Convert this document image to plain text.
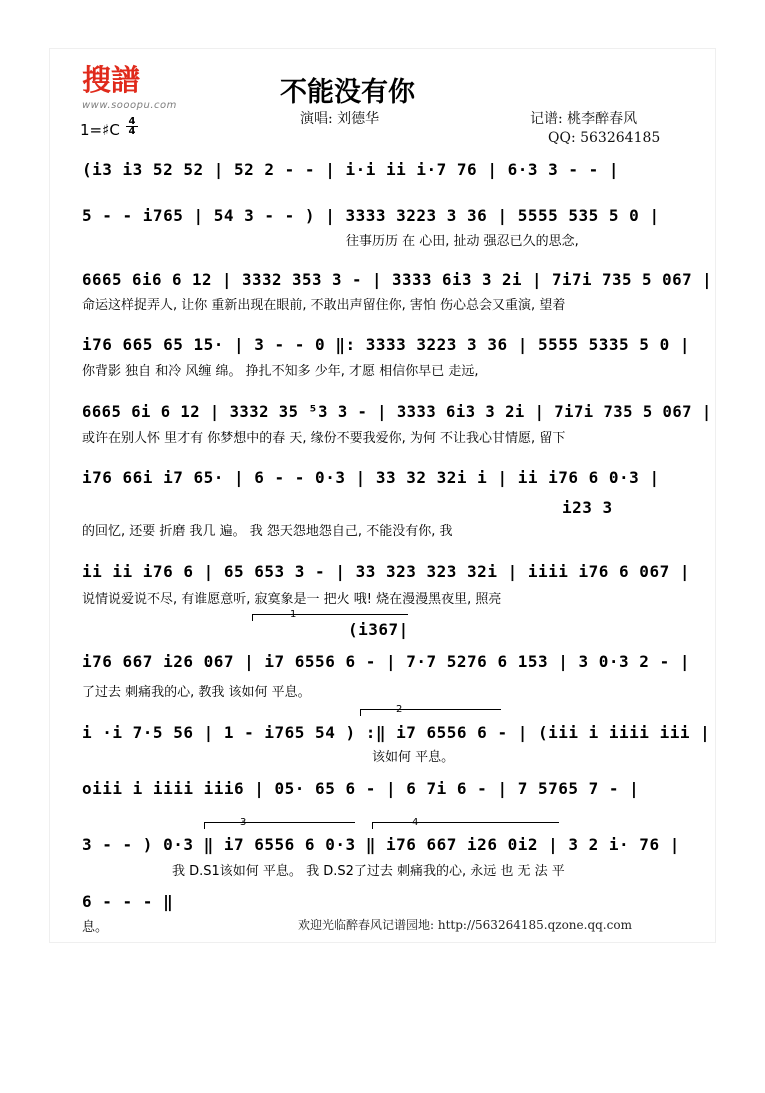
搜譜
www.sooopu.com	不能没有你
演唱: 刘德华	记谱: 桃李醉春风
QQ: 563264185
1=♯C 4
4
(i3 i3 52 52 | 52 2 - - | i·i ii i·7 76 | 6·3 3 - - |
5 - - i765 | 54 3 - - ) | 3333 3223 3 36 | 5555 535 5 0 |
往事历历 在 心田, 扯动 强忍已久的思念,
6665 6i6 6 12 | 3332 353 3 - | 3333 6i3 3 2i | 7i7i 735 5 067 |
命运这样捉弄人, 让你 重新出现在眼前, 不敢出声留住你, 害怕 伤心总会又重演, 望着
i76 665 65 15· | 3 - - 0 ‖: 3333 3223 3 36 | 5555 5335 5 0 |
你背影 独自 和冷 风缠 绵。 挣扎不知多 少年, 才愿 相信你早已 走远,
6665 6i 6 12 | 3332 35 ⁵3 3 - | 3333 6i3 3 2i | 7i7i 735 5 067 |
或许在别人怀 里才有 你梦想中的春 天, 缘份不要我爱你, 为何 不让我心甘情愿, 留下
i76 66i i7 65· | 6 - - 0·3 | 33 32 32i i | ii i76 6 0·3 |
i23 3
的回忆, 还要 折磨 我几 遍。 我 怨天怨地怨自己, 不能没有你, 我
ii ii i76 6 | 65 653 3 - | 33 323 323 32i | iiii i76 6 067 |
说情说爱说不尽, 有谁愿意听, 寂寞象是一 把火 哦! 烧在漫漫黑夜里, 照亮
1
(i367|
i76 667 i26 067 | i7 6556 6 - | 7·7 5276 6 153 | 3 0·3 2 - |
了过去 刺痛我的心, 教我 该如何 平息。
2
i ·i 7·5 56 | 1 - i765 54 ) :‖ i7 6556 6 - | (iii i iiii iii |
该如何 平息。
oiii i iiii iii6 | 05· 65 6 - | 6 7i 6 - | 7 5765 7 - |
3	4
3 - - ) 0·3 ‖ i7 6556 6 0·3 ‖ i76 667 i26 0i2 | 3 2 i· 76 |
我 D.S1该如何 平息。 我 D.S2了过去 刺痛我的心, 永远 也 无 法 平
6 - - - ‖
息。	欢迎光临醉春风记谱园地: http://563264185.qzone.qq.com
